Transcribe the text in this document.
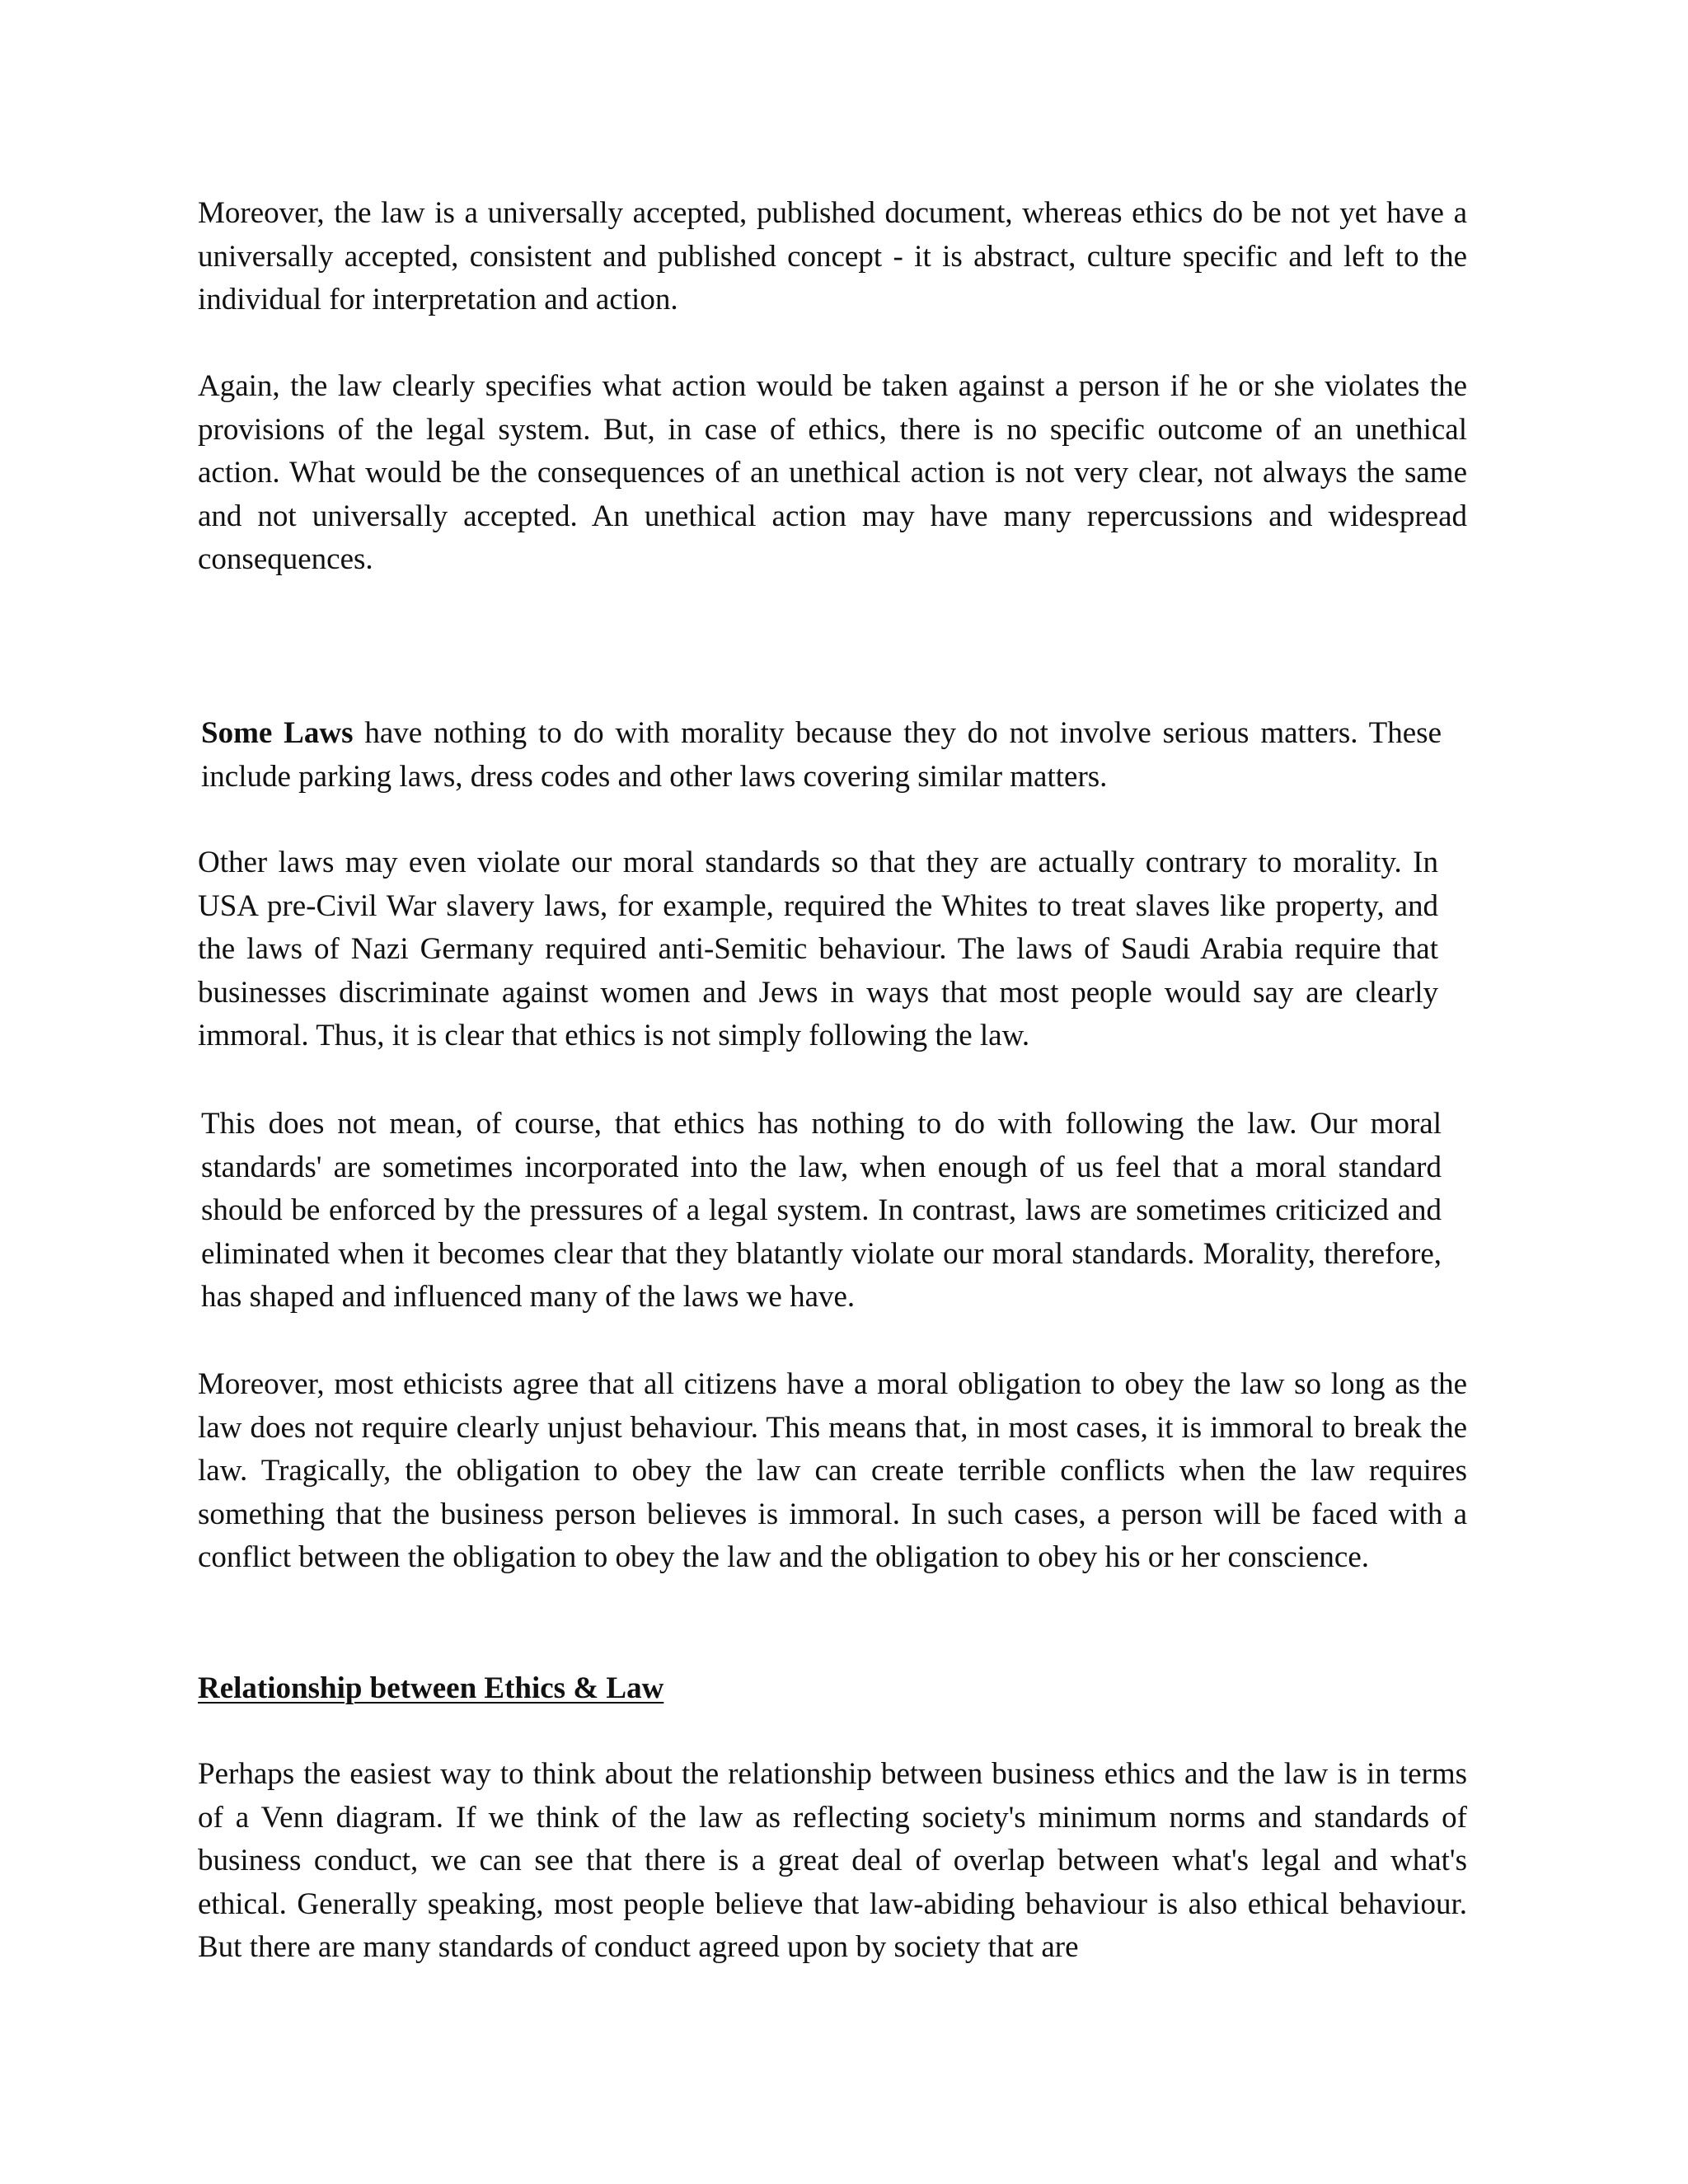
Moreover, the law is a universally accepted, published document, whereas ethics do be not yet have a universally accepted, consistent and published concept - it is abstract, culture specific and left to the individual for interpretation and action.

Again, the law clearly specifies what action would be taken against a person if he or she violates the provisions of the legal system. But, in case of ethics, there is no specific outcome of an unethical action. What would be the consequences of an unethical action is not very clear, not always the same and not universally accepted. An unethical action may have many repercussions and widespread consequences.

Some Laws have nothing to do with morality because they do not involve serious matters. These include parking laws, dress codes and other laws covering similar matters.

Other laws may even violate our moral standards so that they are actually contrary to morality. In USA pre-Civil War slavery laws, for example, required the Whites to treat slaves like property, and the laws of Nazi Germany required anti-Semitic behaviour. The laws of Saudi Arabia require that businesses discriminate against women and Jews in ways that most people would say are clearly immoral. Thus, it is clear that ethics is not simply following the law.

This does not mean, of course, that ethics has nothing to do with following the law. Our moral standards' are sometimes incorporated into the law, when enough of us feel that a moral standard should be enforced by the pressures of a legal system. In contrast, laws are sometimes criticized and eliminated when it becomes clear that they blatantly violate our moral standards. Morality, therefore, has shaped and influenced many of the laws we have.

Moreover, most ethicists agree that all citizens have a moral obligation to obey the law so long as the law does not require clearly unjust behaviour. This means that, in most cases, it is immoral to break the law. Tragically, the obligation to obey the law can create terrible conflicts when the law requires something that the business person believes is immoral. In such cases, a person will be faced with a conflict between the obligation to obey the law and the obligation to obey his or her conscience.

Relationship between Ethics & Law

Perhaps the easiest way to think about the relationship between business ethics and the law is in terms of a Venn diagram. If we think of the law as reflecting society's minimum norms and standards of business conduct, we can see that there is a great deal of overlap between what's legal and what's ethical. Generally speaking, most people believe that law-abiding behaviour is also ethical behaviour. But there are many standards of conduct agreed upon by society that are
